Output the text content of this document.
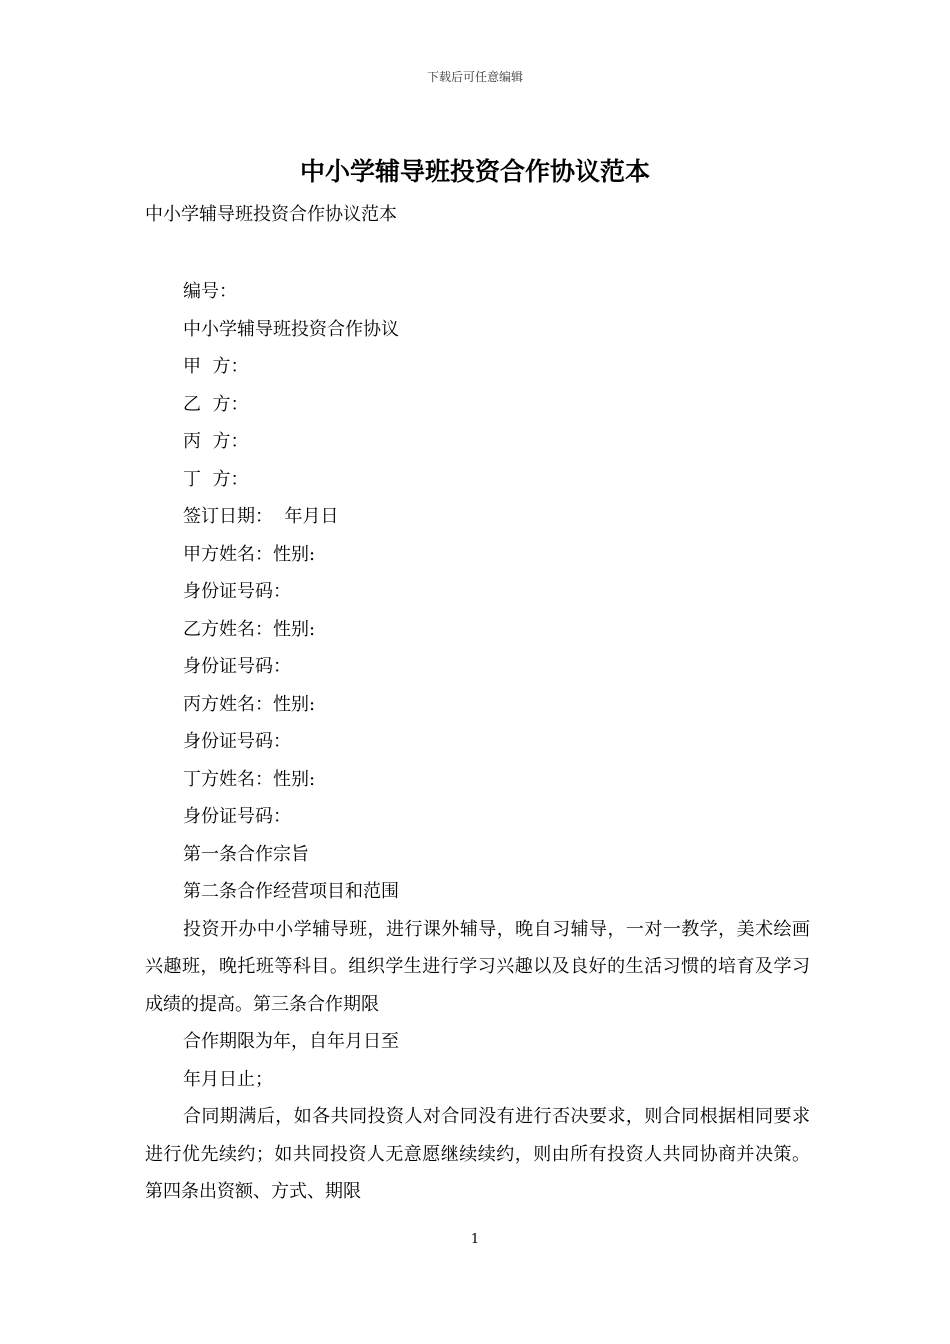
下载后可任意编辑
中小学辅导班投资合作协议范本
中小学辅导班投资合作协议范本

编号：

中小学辅导班投资合作协议

甲  方：

乙  方：

丙  方：

丁  方：

签订日期：  年月日

甲方姓名：性别:

身份证号码：

乙方姓名：性别:

身份证号码：

丙方姓名：性别:

身份证号码：

丁方姓名：性别:

身份证号码：

第一条合作宗旨

第二条合作经营项目和范围

投资开办中小学辅导班，进行课外辅导，晚自习辅导，一对一教学，美术绘画兴趣班，晚托班等科目。组织学生进行学习兴趣以及良好的生活习惯的培育及学习成绩的提高。第三条合作期限

合作期限为年，自年月日至

年月日止；

合同期满后，如各共同投资人对合同没有进行否决要求，则合同根据相同要求进行优先续约；如共同投资人无意愿继续续约，则由所有投资人共同协商并决策。第四条出资额、方式、期限

1
